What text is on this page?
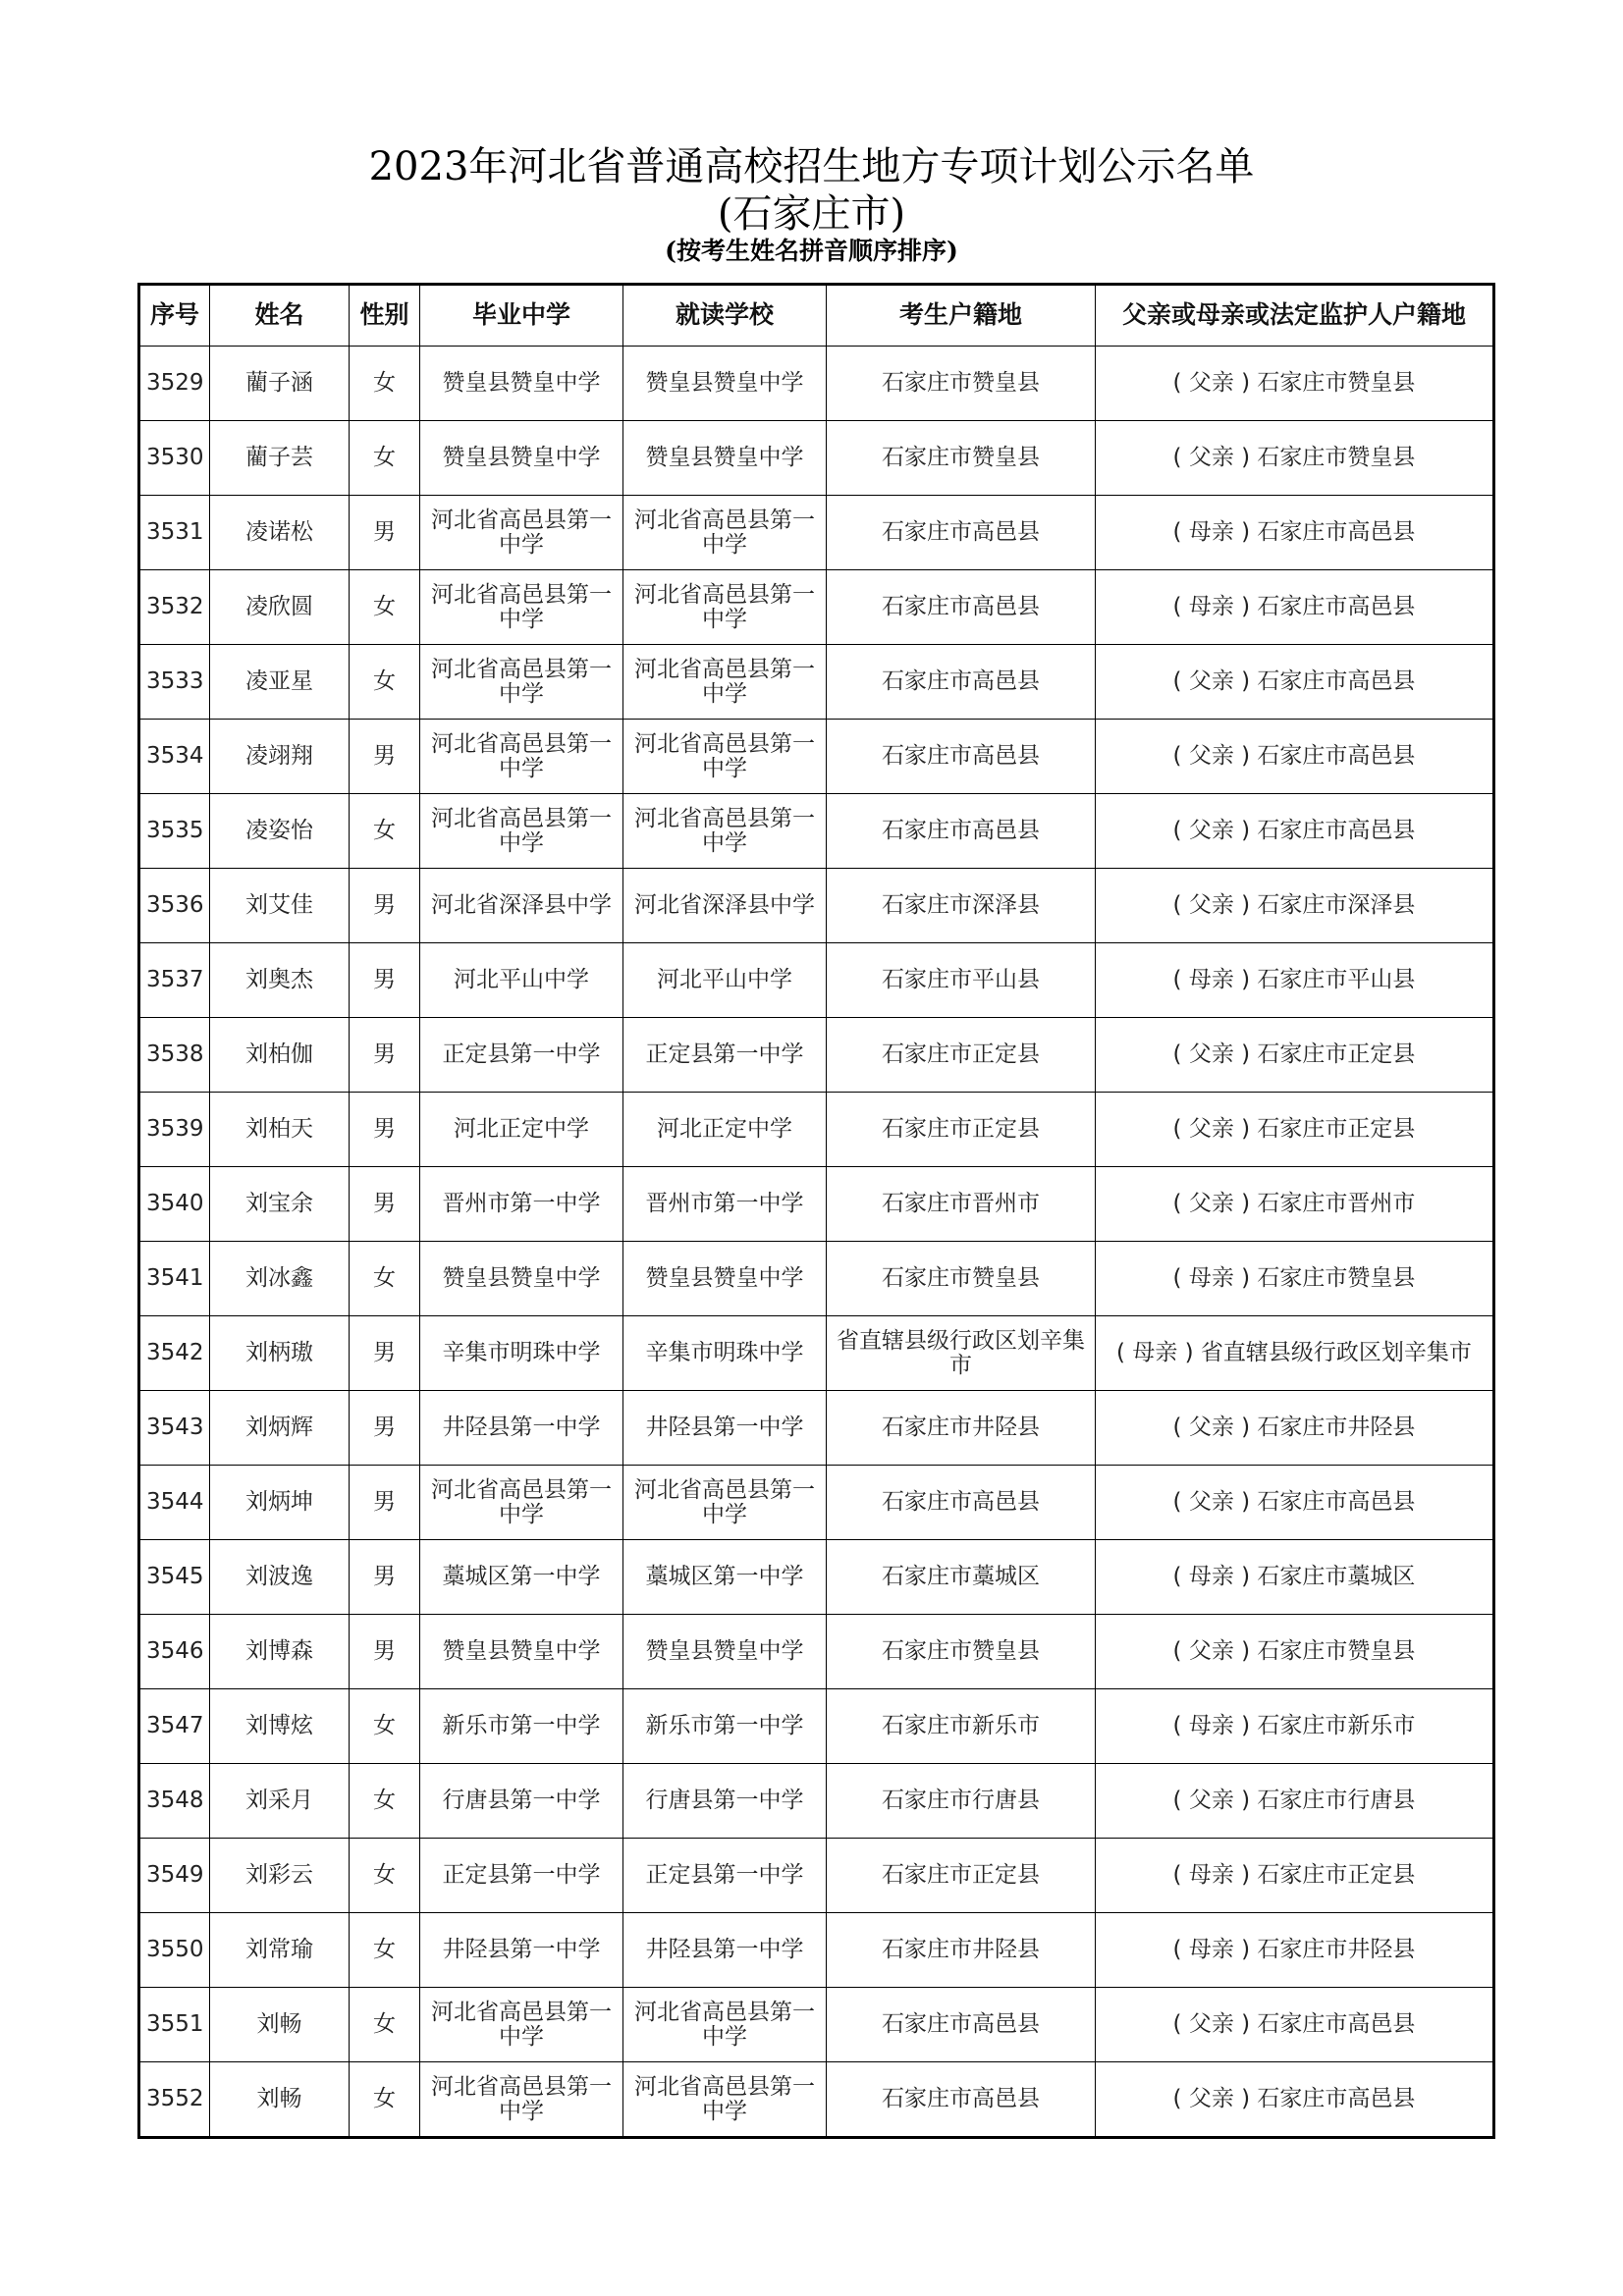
2023年河北省普通高校招生地方专项计划公示名单
(石家庄市)
(按考生姓名拼音顺序排序)
序号	姓名	性别	毕业中学	就读学校	考生户籍地	父亲或母亲或法定监护人户籍地
3529	藺子涵	女	赞皇县赞皇中学	赞皇县赞皇中学	石家庄市赞皇县	( 父亲 ) 石家庄市赞皇县
3530	藺子芸	女	赞皇县赞皇中学	赞皇县赞皇中学	石家庄市赞皇县	( 父亲 ) 石家庄市赞皇县
3531	凌诺松	男	河北省高邑县第一中学	河北省高邑县第一中学	石家庄市高邑县	( 母亲 ) 石家庄市高邑县
3532	凌欣圆	女	河北省高邑县第一中学	河北省高邑县第一中学	石家庄市高邑县	( 母亲 ) 石家庄市高邑县
3533	凌亚星	女	河北省高邑县第一中学	河北省高邑县第一中学	石家庄市高邑县	( 父亲 ) 石家庄市高邑县
3534	凌翊翔	男	河北省高邑县第一中学	河北省高邑县第一中学	石家庄市高邑县	( 父亲 ) 石家庄市高邑县
3535	凌姿怡	女	河北省高邑县第一中学	河北省高邑县第一中学	石家庄市高邑县	( 父亲 ) 石家庄市高邑县
3536	刘艾佳	男	河北省深泽县中学	河北省深泽县中学	石家庄市深泽县	( 父亲 ) 石家庄市深泽县
3537	刘奥杰	男	河北平山中学	河北平山中学	石家庄市平山县	( 母亲 ) 石家庄市平山县
3538	刘柏伽	男	正定县第一中学	正定县第一中学	石家庄市正定县	( 父亲 ) 石家庄市正定县
3539	刘柏天	男	河北正定中学	河北正定中学	石家庄市正定县	( 父亲 ) 石家庄市正定县
3540	刘宝余	男	晋州市第一中学	晋州市第一中学	石家庄市晋州市	( 父亲 ) 石家庄市晋州市
3541	刘冰鑫	女	赞皇县赞皇中学	赞皇县赞皇中学	石家庄市赞皇县	( 母亲 ) 石家庄市赞皇县
3542	刘柄璈	男	辛集市明珠中学	辛集市明珠中学	省直辖县级行政区划辛集市	( 母亲 ) 省直辖县级行政区划辛集市
3543	刘炳辉	男	井陉县第一中学	井陉县第一中学	石家庄市井陉县	( 父亲 ) 石家庄市井陉县
3544	刘炳坤	男	河北省高邑县第一中学	河北省高邑县第一中学	石家庄市高邑县	( 父亲 ) 石家庄市高邑县
3545	刘波逸	男	藁城区第一中学	藁城区第一中学	石家庄市藁城区	( 母亲 ) 石家庄市藁城区
3546	刘博森	男	赞皇县赞皇中学	赞皇县赞皇中学	石家庄市赞皇县	( 父亲 ) 石家庄市赞皇县
3547	刘博炫	女	新乐市第一中学	新乐市第一中学	石家庄市新乐市	( 母亲 ) 石家庄市新乐市
3548	刘采月	女	行唐县第一中学	行唐县第一中学	石家庄市行唐县	( 父亲 ) 石家庄市行唐县
3549	刘彩云	女	正定县第一中学	正定县第一中学	石家庄市正定县	( 母亲 ) 石家庄市正定县
3550	刘常瑜	女	井陉县第一中学	井陉县第一中学	石家庄市井陉县	( 母亲 ) 石家庄市井陉县
3551	刘畅	女	河北省高邑县第一中学	河北省高邑县第一中学	石家庄市高邑县	( 父亲 ) 石家庄市高邑县
3552	刘畅	女	河北省高邑县第一中学	河北省高邑县第一中学	石家庄市高邑县	( 父亲 ) 石家庄市高邑县
